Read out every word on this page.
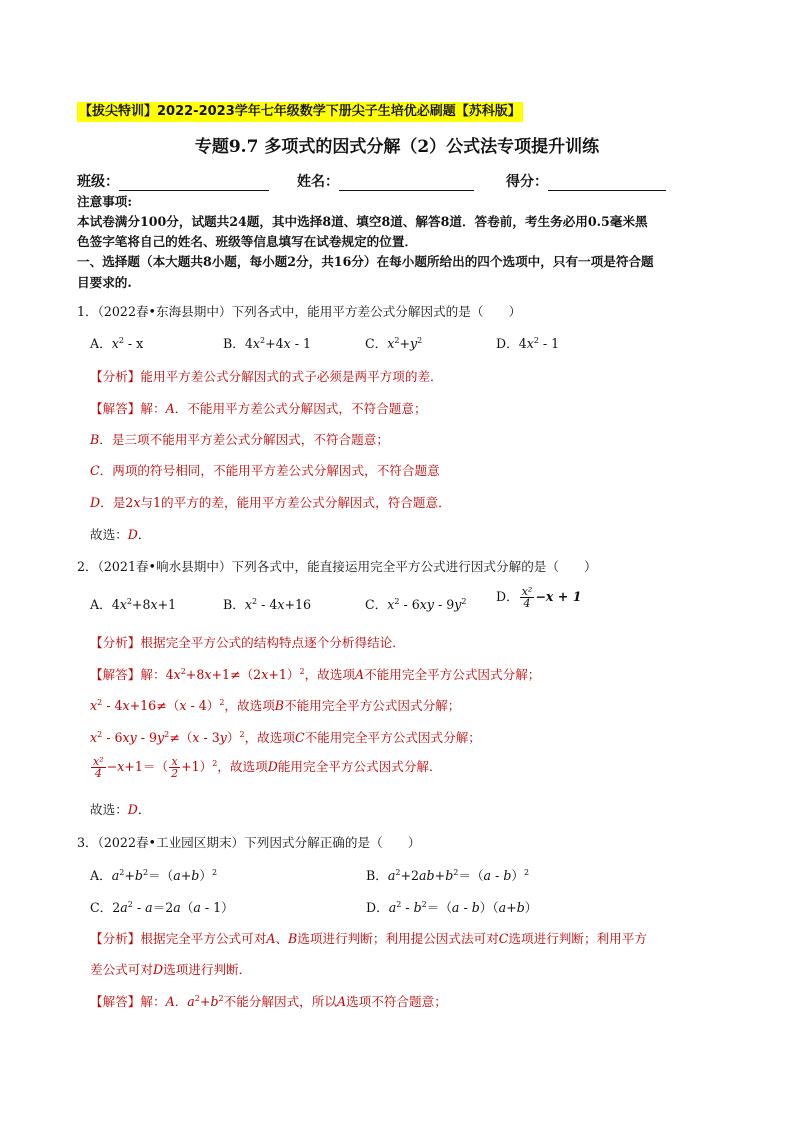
【拔尖特训】2022-2023学年七年级数学下册尖子生培优必刷题【苏科版】
专题9.7 多项式的因式分解（2）公式法专项提升训练
班级：	姓名：	得分：
注意事项:
本试卷满分100分，试题共24题，其中选择8道、填空8道、解答8道．答卷前，考生务必用0.5毫米黑
色签字笔将自己的姓名、班级等信息填写在试卷规定的位置．
一、选择题（本大题共8小题，每小题2分，共16分）在每小题所给出的四个选项中，只有一项是符合题
目要求的.
1．（2022春•东海县期中）下列各式中，能用平方差公式分解因式的是（　　）
A．$x^2$ - x	B．$4x^2+4x - 1$	C．$x^2+y^2$	D．$4x^2 - 1$
【分析】能用平方差公式分解因式的式子必须是两平方项的差．
【解答】解：A．不能用平方差公式分解因式，不符合题意；
B．是三项不能用平方差公式分解因式，不符合题意；
C．两项的符号相同，不能用平方差公式分解因式，不符合题意
D．是2x与1的平方的差，能用平方差公式分解因式，符合题意．
故选：D．
2．（2021春•响水县期中）下列各式中，能直接运用完全平方公式进行因式分解的是（　　）
A．$4x^2+8x+1$	B．$x^2 - 4x+16$	C．$x^2 - 6xy - 9y^2$ D． $\frac{\text{x²}}{4} -x + 1$
【分析】根据完全平方公式的结构特点逐个分析得结论．
【解答】解：$4x^2+8x+1\ne(2x+1)^2$，故选项A不能用完全平方公式因式分解；
$x^2 - 4x+16\ne(x - 4)^2$，故选项B不能用完全平方公式因式分解；
$x^2 - 6xy - 9y^2\ne(x - 3y)^2$，故选项C不能用完全平方公式因式分解；
$\frac{\text{x²}}{4} -x+1=( \frac{x}{2} +1)^2$，故选项D能用完全平方公式因式分解．
故选：D．
3．（2022春•工业园区期末）下列因式分解正确的是（　　）
A．$a^2+b^2=(a+b)^2$	B．$a^2+2ab+b^2=(a - b)^2$
C．$2a^2 - a=2a(a - 1)$	D．$a^2 - b^2=(a - b)(a+b)$
【分析】根据完全平方公式可对A、B选项进行判断；利用提公因式法可对C选项进行判断；利用平方
差公式可对D选项进行判断．
【解答】解：A．$a^2+b^2$不能分解因式，所以A选项不符合题意；
